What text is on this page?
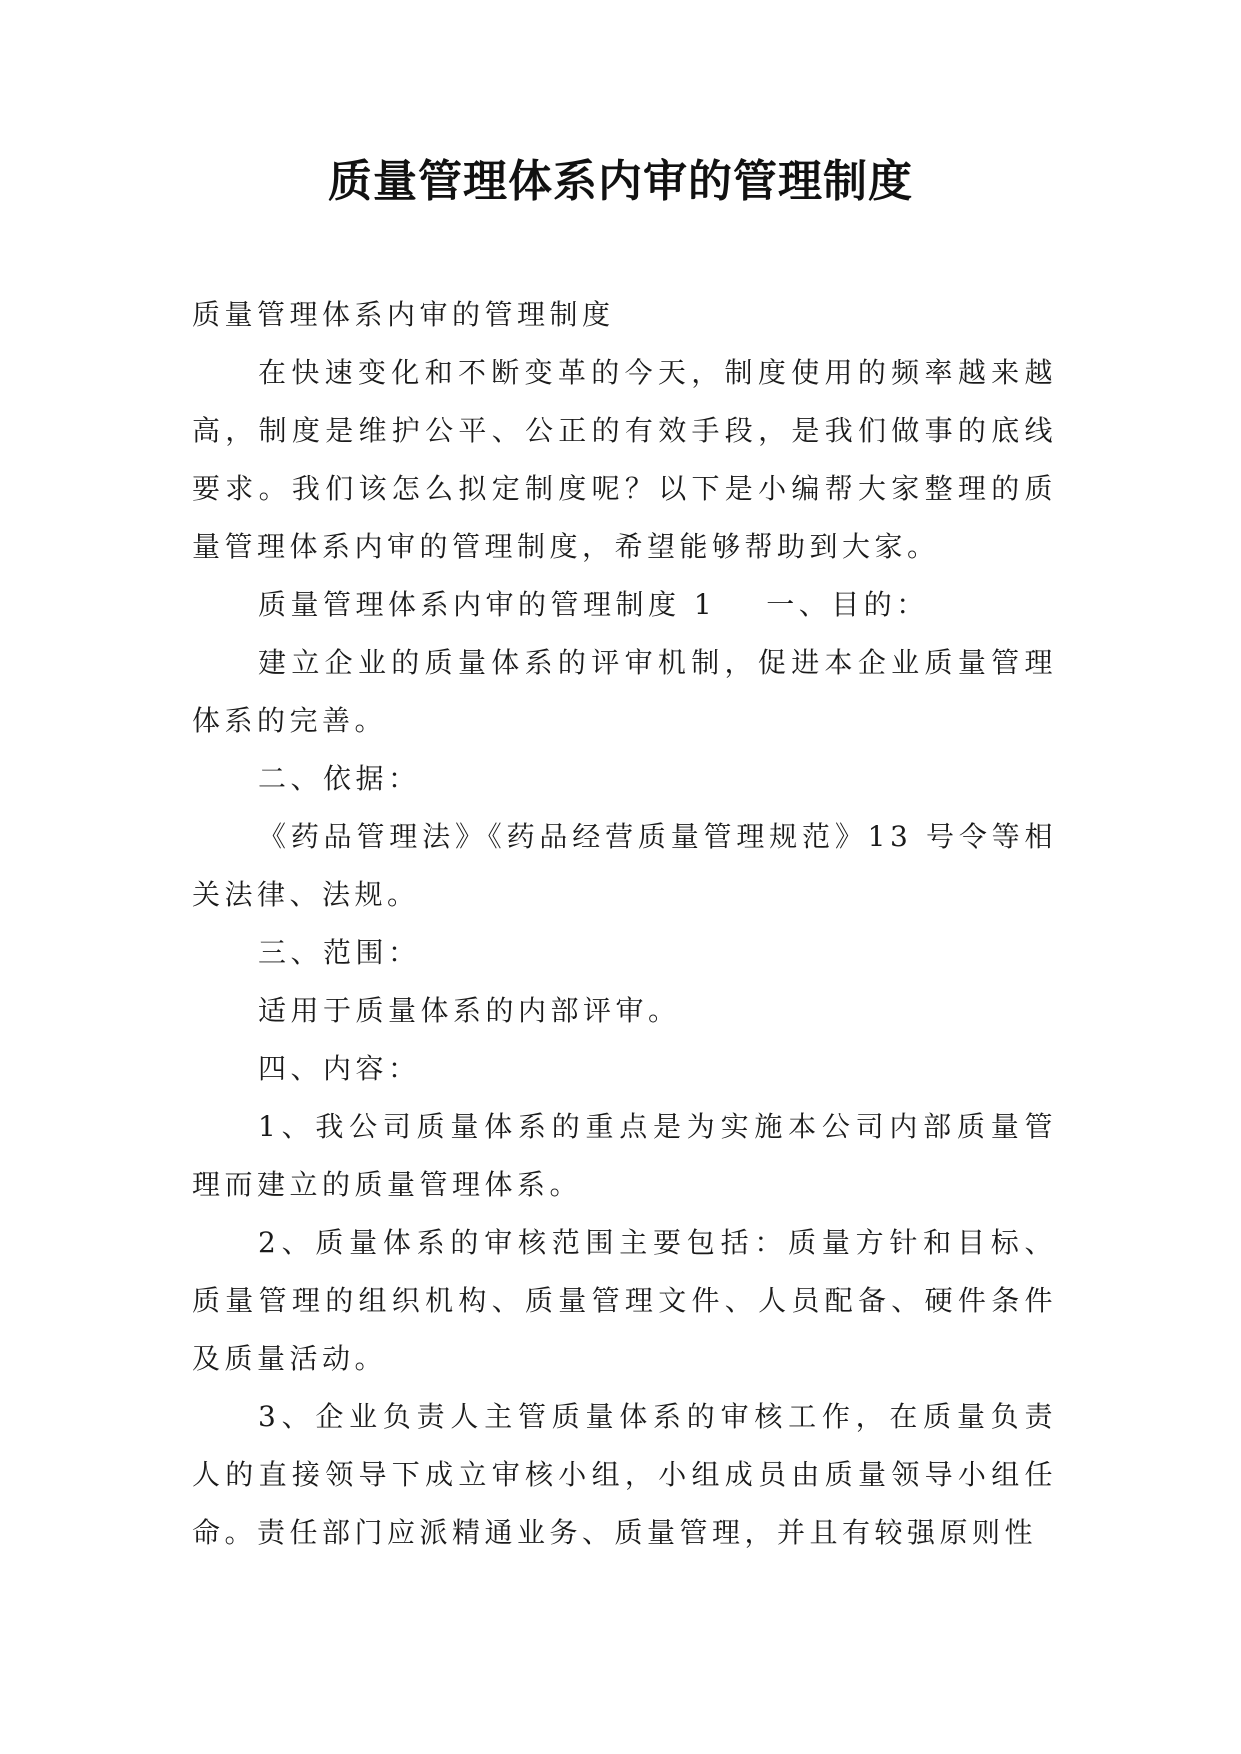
质量管理体系内审的管理制度

质量管理体系内审的管理制度

在快速变化和不断变革的今天，制度使用的频率越来越高，制度是维护公平、公正的有效手段，是我们做事的底线要求。我们该怎么拟定制度呢？以下是小编帮大家整理的质量管理体系内审的管理制度，希望能够帮助到大家。

质量管理体系内审的管理制度 1 一、目的：

建立企业的质量体系的评审机制，促进本企业质量管理体系的完善。

二、依据：

《药品管理法》《药品经营质量管理规范》13 号令等相关法律、法规。

三、范围：

适用于质量体系的内部评审。

四、内容：

1、我公司质量体系的重点是为实施本公司内部质量管理而建立的质量管理体系。

2、质量体系的审核范围主要包括：质量方针和目标、质量管理的组织机构、质量管理文件、人员配备、硬件条件及质量活动。

3、企业负责人主管质量体系的审核工作，在质量负责人的直接领导下成立审核小组，小组成员由质量领导小组任命。责任部门应派精通业务、质量管理，并且有较强原则性
